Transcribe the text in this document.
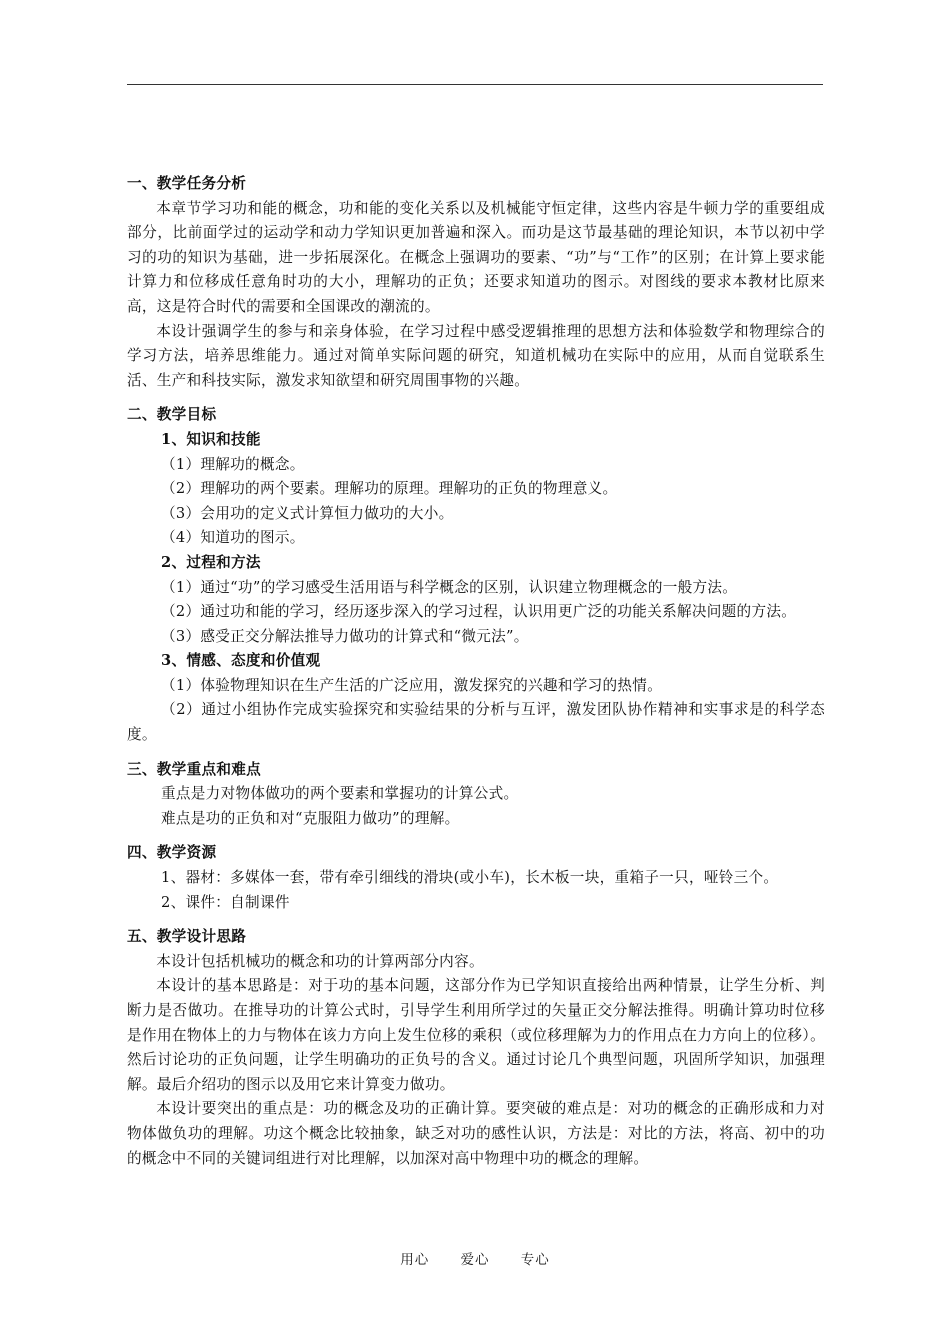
一、教学任务分析

本章节学习功和能的概念，功和能的变化关系以及机械能守恒定律，这些内容是牛顿力学的重要组成部分，比前面学过的运动学和动力学知识更加普遍和深入。而功是这节最基础的理论知识，本节以初中学习的功的知识为基础，进一步拓展深化。在概念上强调功的要素、“功”与“工作”的区别；在计算上要求能计算力和位移成任意角时功的大小，理解功的正负；还要求知道功的图示。对图线的要求本教材比原来高，这是符合时代的需要和全国课改的潮流的。

本设计强调学生的参与和亲身体验，在学习过程中感受逻辑推理的思想方法和体验数学和物理综合的学习方法，培养思维能力。通过对简单实际问题的研究，知道机械功在实际中的应用，从而自觉联系生活、生产和科技实际，激发求知欲望和研究周围事物的兴趣。

二、教学目标
1、知识和技能

（1）理解功的概念。

（2）理解功的两个要素。理解功的原理。理解功的正负的物理意义。

（3）会用功的定义式计算恒力做功的大小。

（4）知道功的图示。

2、过程和方法

（1）通过“功”的学习感受生活用语与科学概念的区别，认识建立物理概念的一般方法。

（2）通过功和能的学习，经历逐步深入的学习过程，认识用更广泛的功能关系解决问题的方法。

（3）感受正交分解法推导力做功的计算式和“微元法”。

3、情感、态度和价值观

（1）体验物理知识在生产生活的广泛应用，激发探究的兴趣和学习的热情。

（2）通过小组协作完成实验探究和实验结果的分析与互评，激发团队协作精神和实事求是的科学态度。

三、教学重点和难点

重点是力对物体做功的两个要素和掌握功的计算公式。

难点是功的正负和对“克服阻力做功”的理解。

四、教学资源

1、器材：多媒体一套，带有牵引细线的滑块(或小车)，长木板一块，重箱子一只，哑铃三个。

2、课件：自制课件

五、教学设计思路

本设计包括机械功的概念和功的计算两部分内容。

本设计的基本思路是：对于功的基本问题，这部分作为已学知识直接给出两种情景，让学生分析、判断力是否做功。在推导功的计算公式时，引导学生利用所学过的矢量正交分解法推得。明确计算功时位移是作用在物体上的力与物体在该力方向上发生位移的乘积（或位移理解为力的作用点在力方向上的位移）。然后讨论功的正负问题，让学生明确功的正负号的含义。通过讨论几个典型问题，巩固所学知识，加强理解。最后介绍功的图示以及用它来计算变力做功。

本设计要突出的重点是：功的概念及功的正确计算。要突破的难点是：对功的概念的正确形成和力对物体做负功的理解。功这个概念比较抽象，缺乏对功的感性认识，方法是：对比的方法，将高、初中的功的概念中不同的关键词组进行对比理解，以加深对高中物理中功的概念的理解。

用心 爱心 专心
